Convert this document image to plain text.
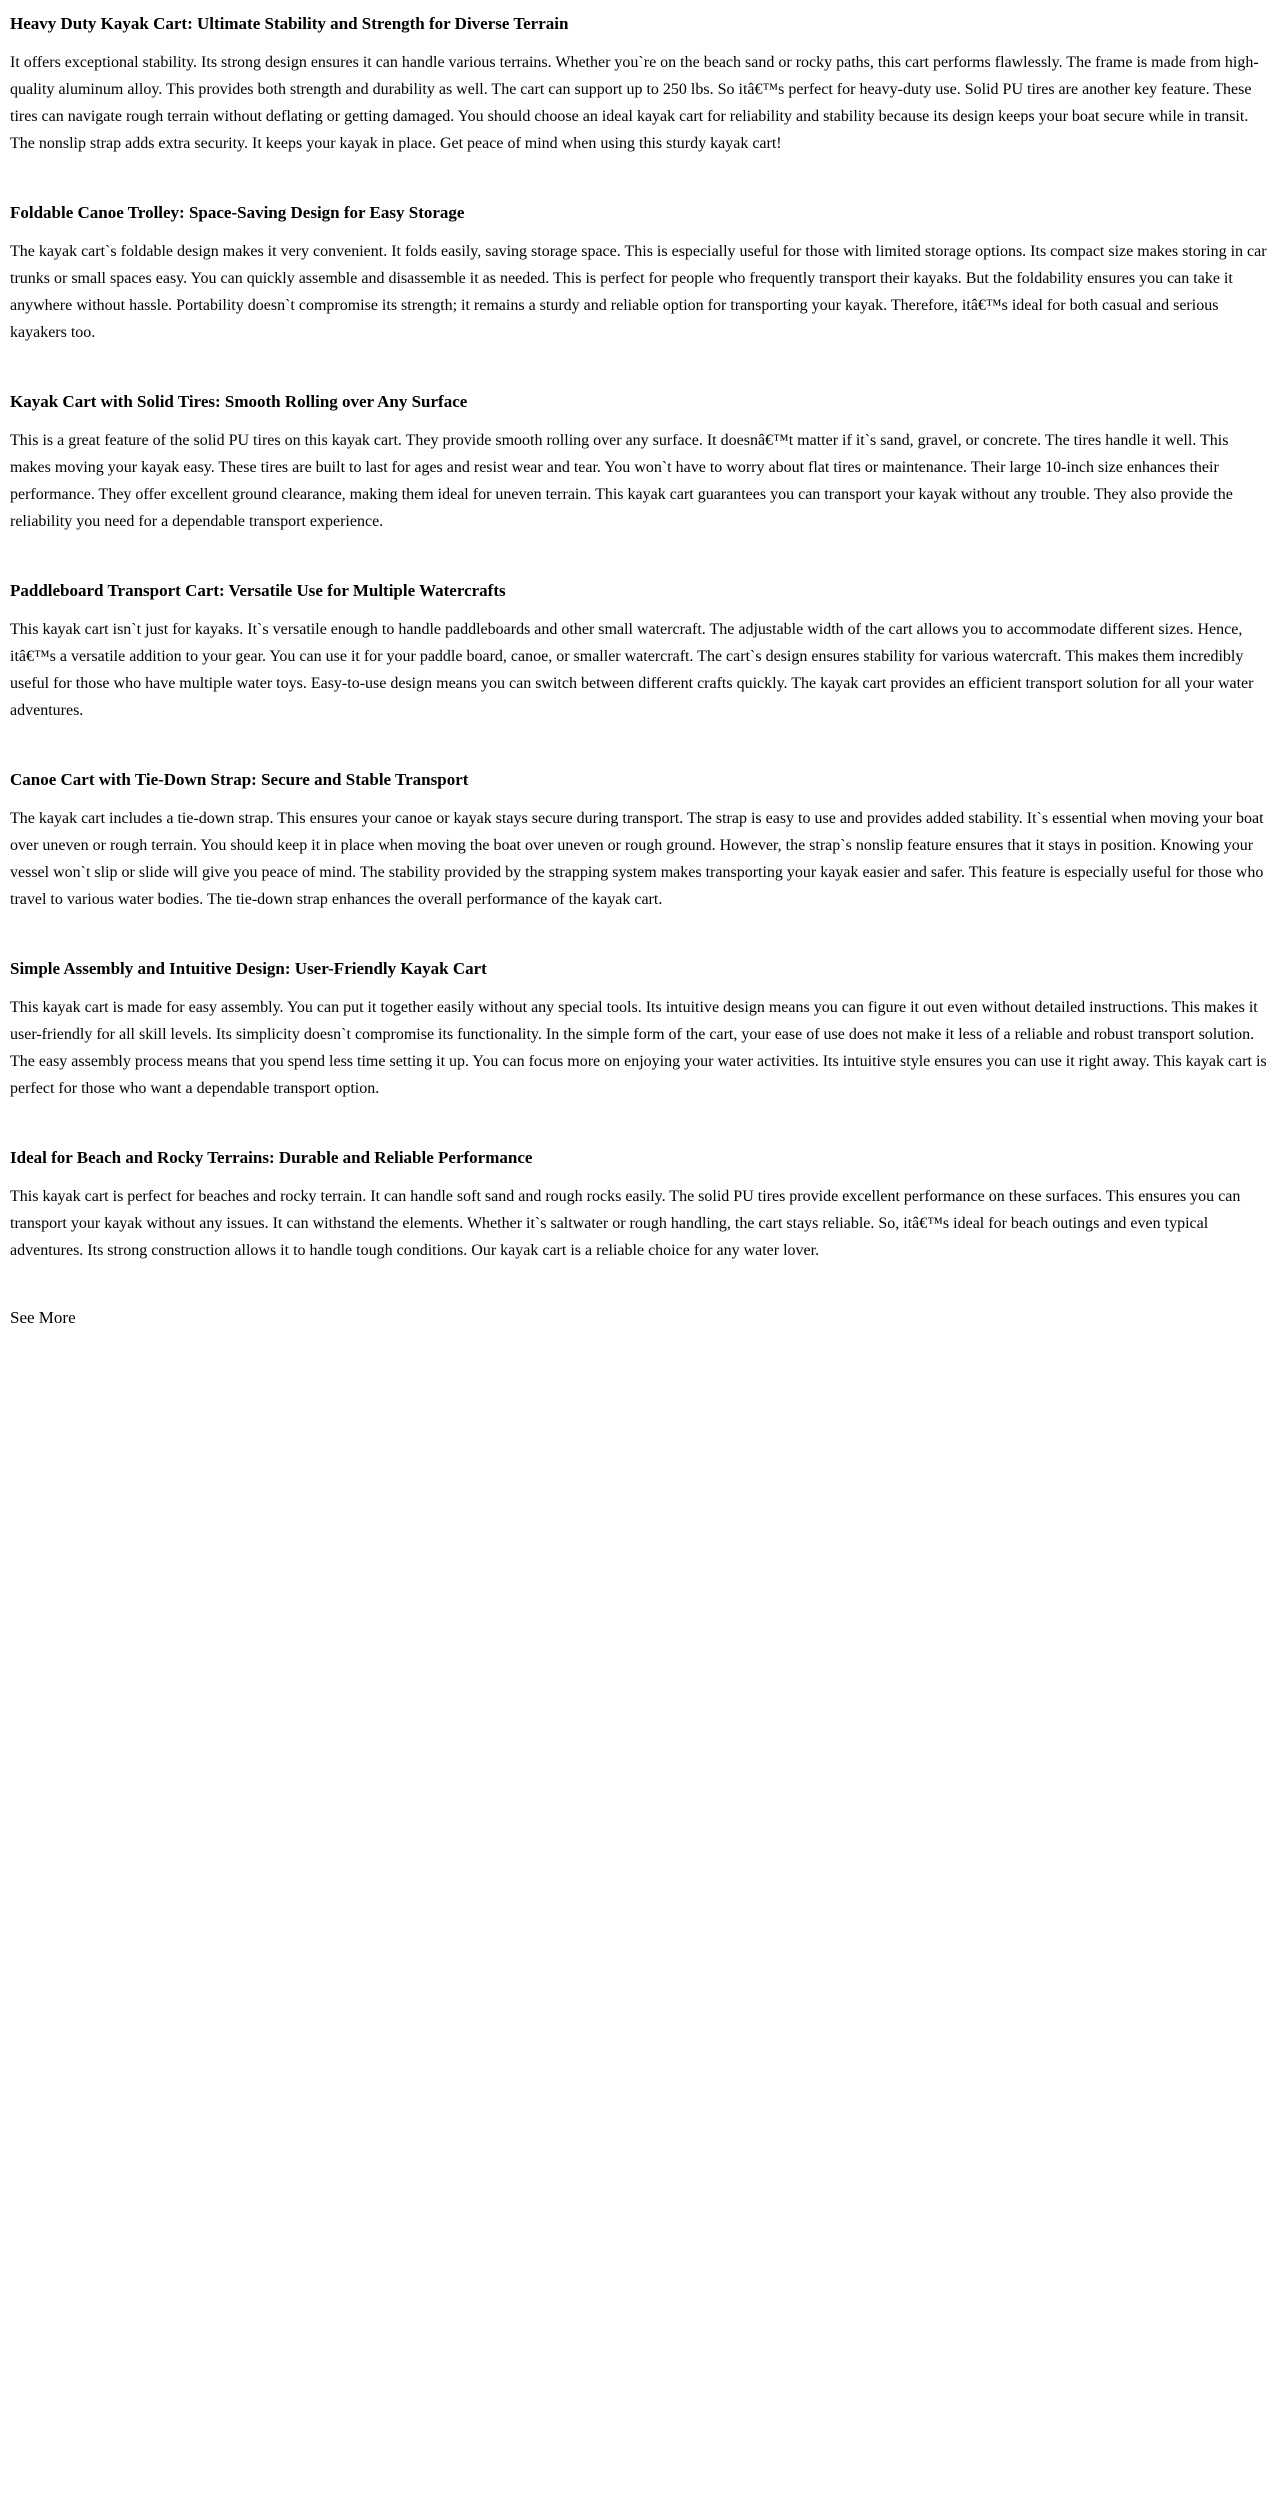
Heavy Duty Kayak Cart: Ultimate Stability and Strength for Diverse Terrain

It offers exceptional stability. Its strong design ensures it can handle various terrains. Whether you`re on the beach sand or rocky paths, this cart performs flawlessly. The frame is made from high-quality aluminum alloy. This provides both strength and durability as well. The cart can support up to 250 lbs. So itâ€™s perfect for heavy-duty use. Solid PU tires are another key feature. These tires can navigate rough terrain without deflating or getting damaged. You should choose an ideal kayak cart for reliability and stability because its design keeps your boat secure while in transit. The nonslip strap adds extra security. It keeps your kayak in place. Get peace of mind when using this sturdy kayak cart!

Foldable Canoe Trolley: Space-Saving Design for Easy Storage

The kayak cart`s foldable design makes it very convenient. It folds easily, saving storage space. This is especially useful for those with limited storage options. Its compact size makes storing in car trunks or small spaces easy. You can quickly assemble and disassemble it as needed. This is perfect for people who frequently transport their kayaks. But the foldability ensures you can take it anywhere without hassle. Portability doesn`t compromise its strength; it remains a sturdy and reliable option for transporting your kayak. Therefore, itâ€™s ideal for both casual and serious kayakers too.

Kayak Cart with Solid Tires: Smooth Rolling over Any Surface

This is a great feature of the solid PU tires on this kayak cart. They provide smooth rolling over any surface. It doesnâ€™t matter if it`s sand, gravel, or concrete. The tires handle it well. This makes moving your kayak easy. These tires are built to last for ages and resist wear and tear. You won`t have to worry about flat tires or maintenance. Their large 10-inch size enhances their performance. They offer excellent ground clearance, making them ideal for uneven terrain. This kayak cart guarantees you can transport your kayak without any trouble. They also provide the reliability you need for a dependable transport experience.

Paddleboard Transport Cart: Versatile Use for Multiple Watercrafts

This kayak cart isn`t just for kayaks. It`s versatile enough to handle paddleboards and other small watercraft. The adjustable width of the cart allows you to accommodate different sizes. Hence, itâ€™s a versatile addition to your gear. You can use it for your paddle board, canoe, or smaller watercraft. The cart`s design ensures stability for various watercraft. This makes them incredibly useful for those who have multiple water toys. Easy-to-use design means you can switch between different crafts quickly. The kayak cart provides an efficient transport solution for all your water adventures.

Canoe Cart with Tie-Down Strap: Secure and Stable Transport

The kayak cart includes a tie-down strap. This ensures your canoe or kayak stays secure during transport. The strap is easy to use and provides added stability. It`s essential when moving your boat over uneven or rough terrain. You should keep it in place when moving the boat over uneven or rough ground. However, the strap`s nonslip feature ensures that it stays in position. Knowing your vessel won`t slip or slide will give you peace of mind. The stability provided by the strapping system makes transporting your kayak easier and safer. This feature is especially useful for those who travel to various water bodies. The tie-down strap enhances the overall performance of the kayak cart.

Simple Assembly and Intuitive Design: User-Friendly Kayak Cart

This kayak cart is made for easy assembly. You can put it together easily without any special tools. Its intuitive design means you can figure it out even without detailed instructions. This makes it user-friendly for all skill levels. Its simplicity doesn`t compromise its functionality. In the simple form of the cart, your ease of use does not make it less of a reliable and robust transport solution. The easy assembly process means that you spend less time setting it up. You can focus more on enjoying your water activities. Its intuitive style ensures you can use it right away. This kayak cart is perfect for those who want a dependable transport option.

Ideal for Beach and Rocky Terrains: Durable and Reliable Performance

This kayak cart is perfect for beaches and rocky terrain. It can handle soft sand and rough rocks easily. The solid PU tires provide excellent performance on these surfaces. This ensures you can transport your kayak without any issues. It can withstand the elements. Whether it`s saltwater or rough handling, the cart stays reliable. So, itâ€™s ideal for beach outings and even typical adventures. Its strong construction allows it to handle tough conditions. Our kayak cart is a reliable choice for any water lover.

See More
